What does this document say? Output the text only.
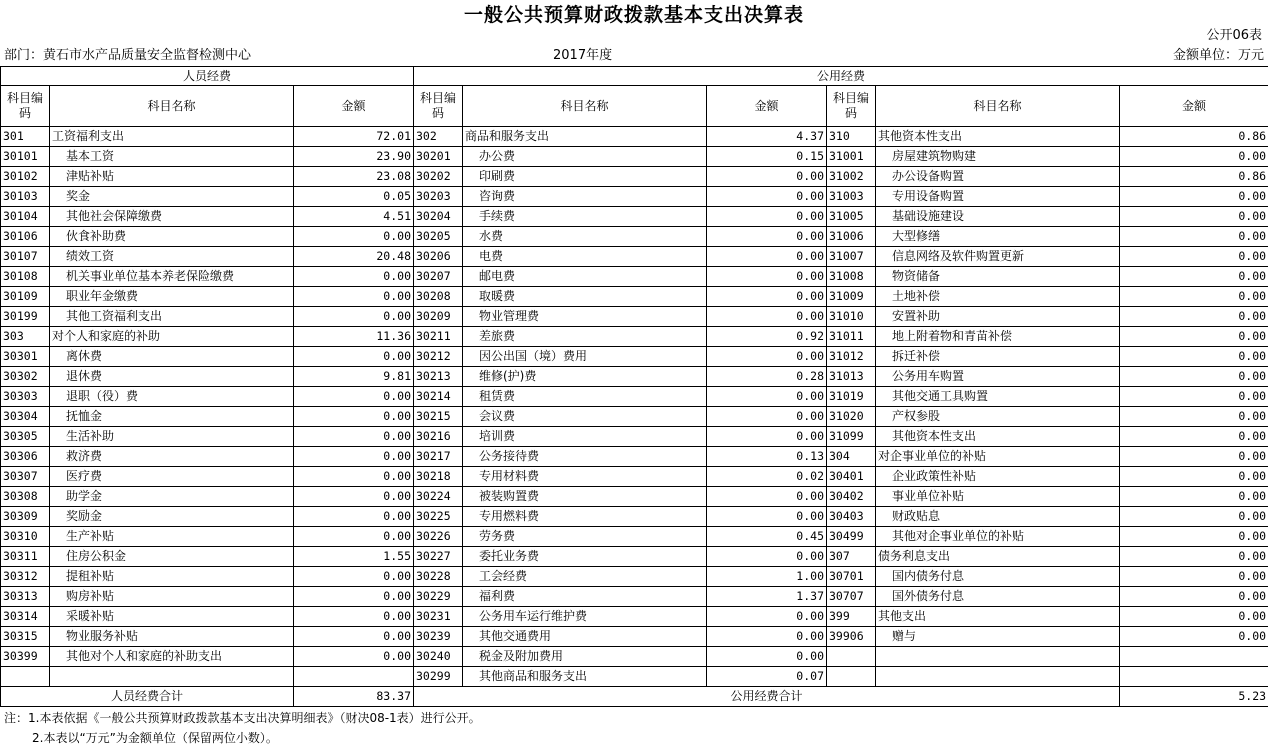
一般公共预算财政拨款基本支出决算表
公开06表
部门：黄石市水产品质量安全监督检测中心	2017年度	金额单位：万元
人员经费			公用经费					
科目编码	科目名称	金额	科目编码	科目名称	金额	科目编码	科目名称	金额
301	工资福利支出	72.01	302	商品和服务支出	4.37	310	其他资本性支出	0.86
30101	基本工资	23.90	30201	办公费	0.15	31001	房屋建筑物购建	0.00
30102	津贴补贴	23.08	30202	印刷费	0.00	31002	办公设备购置	0.86
30103	奖金	0.05	30203	咨询费	0.00	31003	专用设备购置	0.00
30104	其他社会保障缴费	4.51	30204	手续费	0.00	31005	基础设施建设	0.00
30106	伙食补助费	0.00	30205	水费	0.00	31006	大型修缮	0.00
30107	绩效工资	20.48	30206	电费	0.00	31007	信息网络及软件购置更新	0.00
30108	机关事业单位基本养老保险缴费	0.00	30207	邮电费	0.00	31008	物资储备	0.00
30109	职业年金缴费	0.00	30208	取暖费	0.00	31009	土地补偿	0.00
30199	其他工资福利支出	0.00	30209	物业管理费	0.00	31010	安置补助	0.00
303	对个人和家庭的补助	11.36	30211	差旅费	0.92	31011	地上附着物和青苗补偿	0.00
30301	离休费	0.00	30212	因公出国（境）费用	0.00	31012	拆迁补偿	0.00
30302	退休费	9.81	30213	维修(护)费	0.28	31013	公务用车购置	0.00
30303	退职（役）费	0.00	30214	租赁费	0.00	31019	其他交通工具购置	0.00
30304	抚恤金	0.00	30215	会议费	0.00	31020	产权参股	0.00
30305	生活补助	0.00	30216	培训费	0.00	31099	其他资本性支出	0.00
30306	救济费	0.00	30217	公务接待费	0.13	304	对企事业单位的补贴	0.00
30307	医疗费	0.00	30218	专用材料费	0.02	30401	企业政策性补贴	0.00
30308	助学金	0.00	30224	被装购置费	0.00	30402	事业单位补贴	0.00
30309	奖励金	0.00	30225	专用燃料费	0.00	30403	财政贴息	0.00
30310	生产补贴	0.00	30226	劳务费	0.45	30499	其他对企事业单位的补贴	0.00
30311	住房公积金	1.55	30227	委托业务费	0.00	307	债务利息支出	0.00
30312	提租补贴	0.00	30228	工会经费	1.00	30701	国内债务付息	0.00
30313	购房补贴	0.00	30229	福利费	1.37	30707	国外债务付息	0.00
30314	采暖补贴	0.00	30231	公务用车运行维护费	0.00	399	其他支出	0.00
30315	物业服务补贴	0.00	30239	其他交通费用	0.00	39906	赠与	0.00
30399	其他对个人和家庭的补助支出	0.00	30240	税金及附加费用	0.00			
			30299	其他商品和服务支出	0.07			
人员经费合计		83.37	公用经费合计					5.23
注：1.本表依据《一般公共预算财政拨款基本支出决算明细表》（财决08-1表）进行公开。
2.本表以“万元”为金额单位（保留两位小数）。
